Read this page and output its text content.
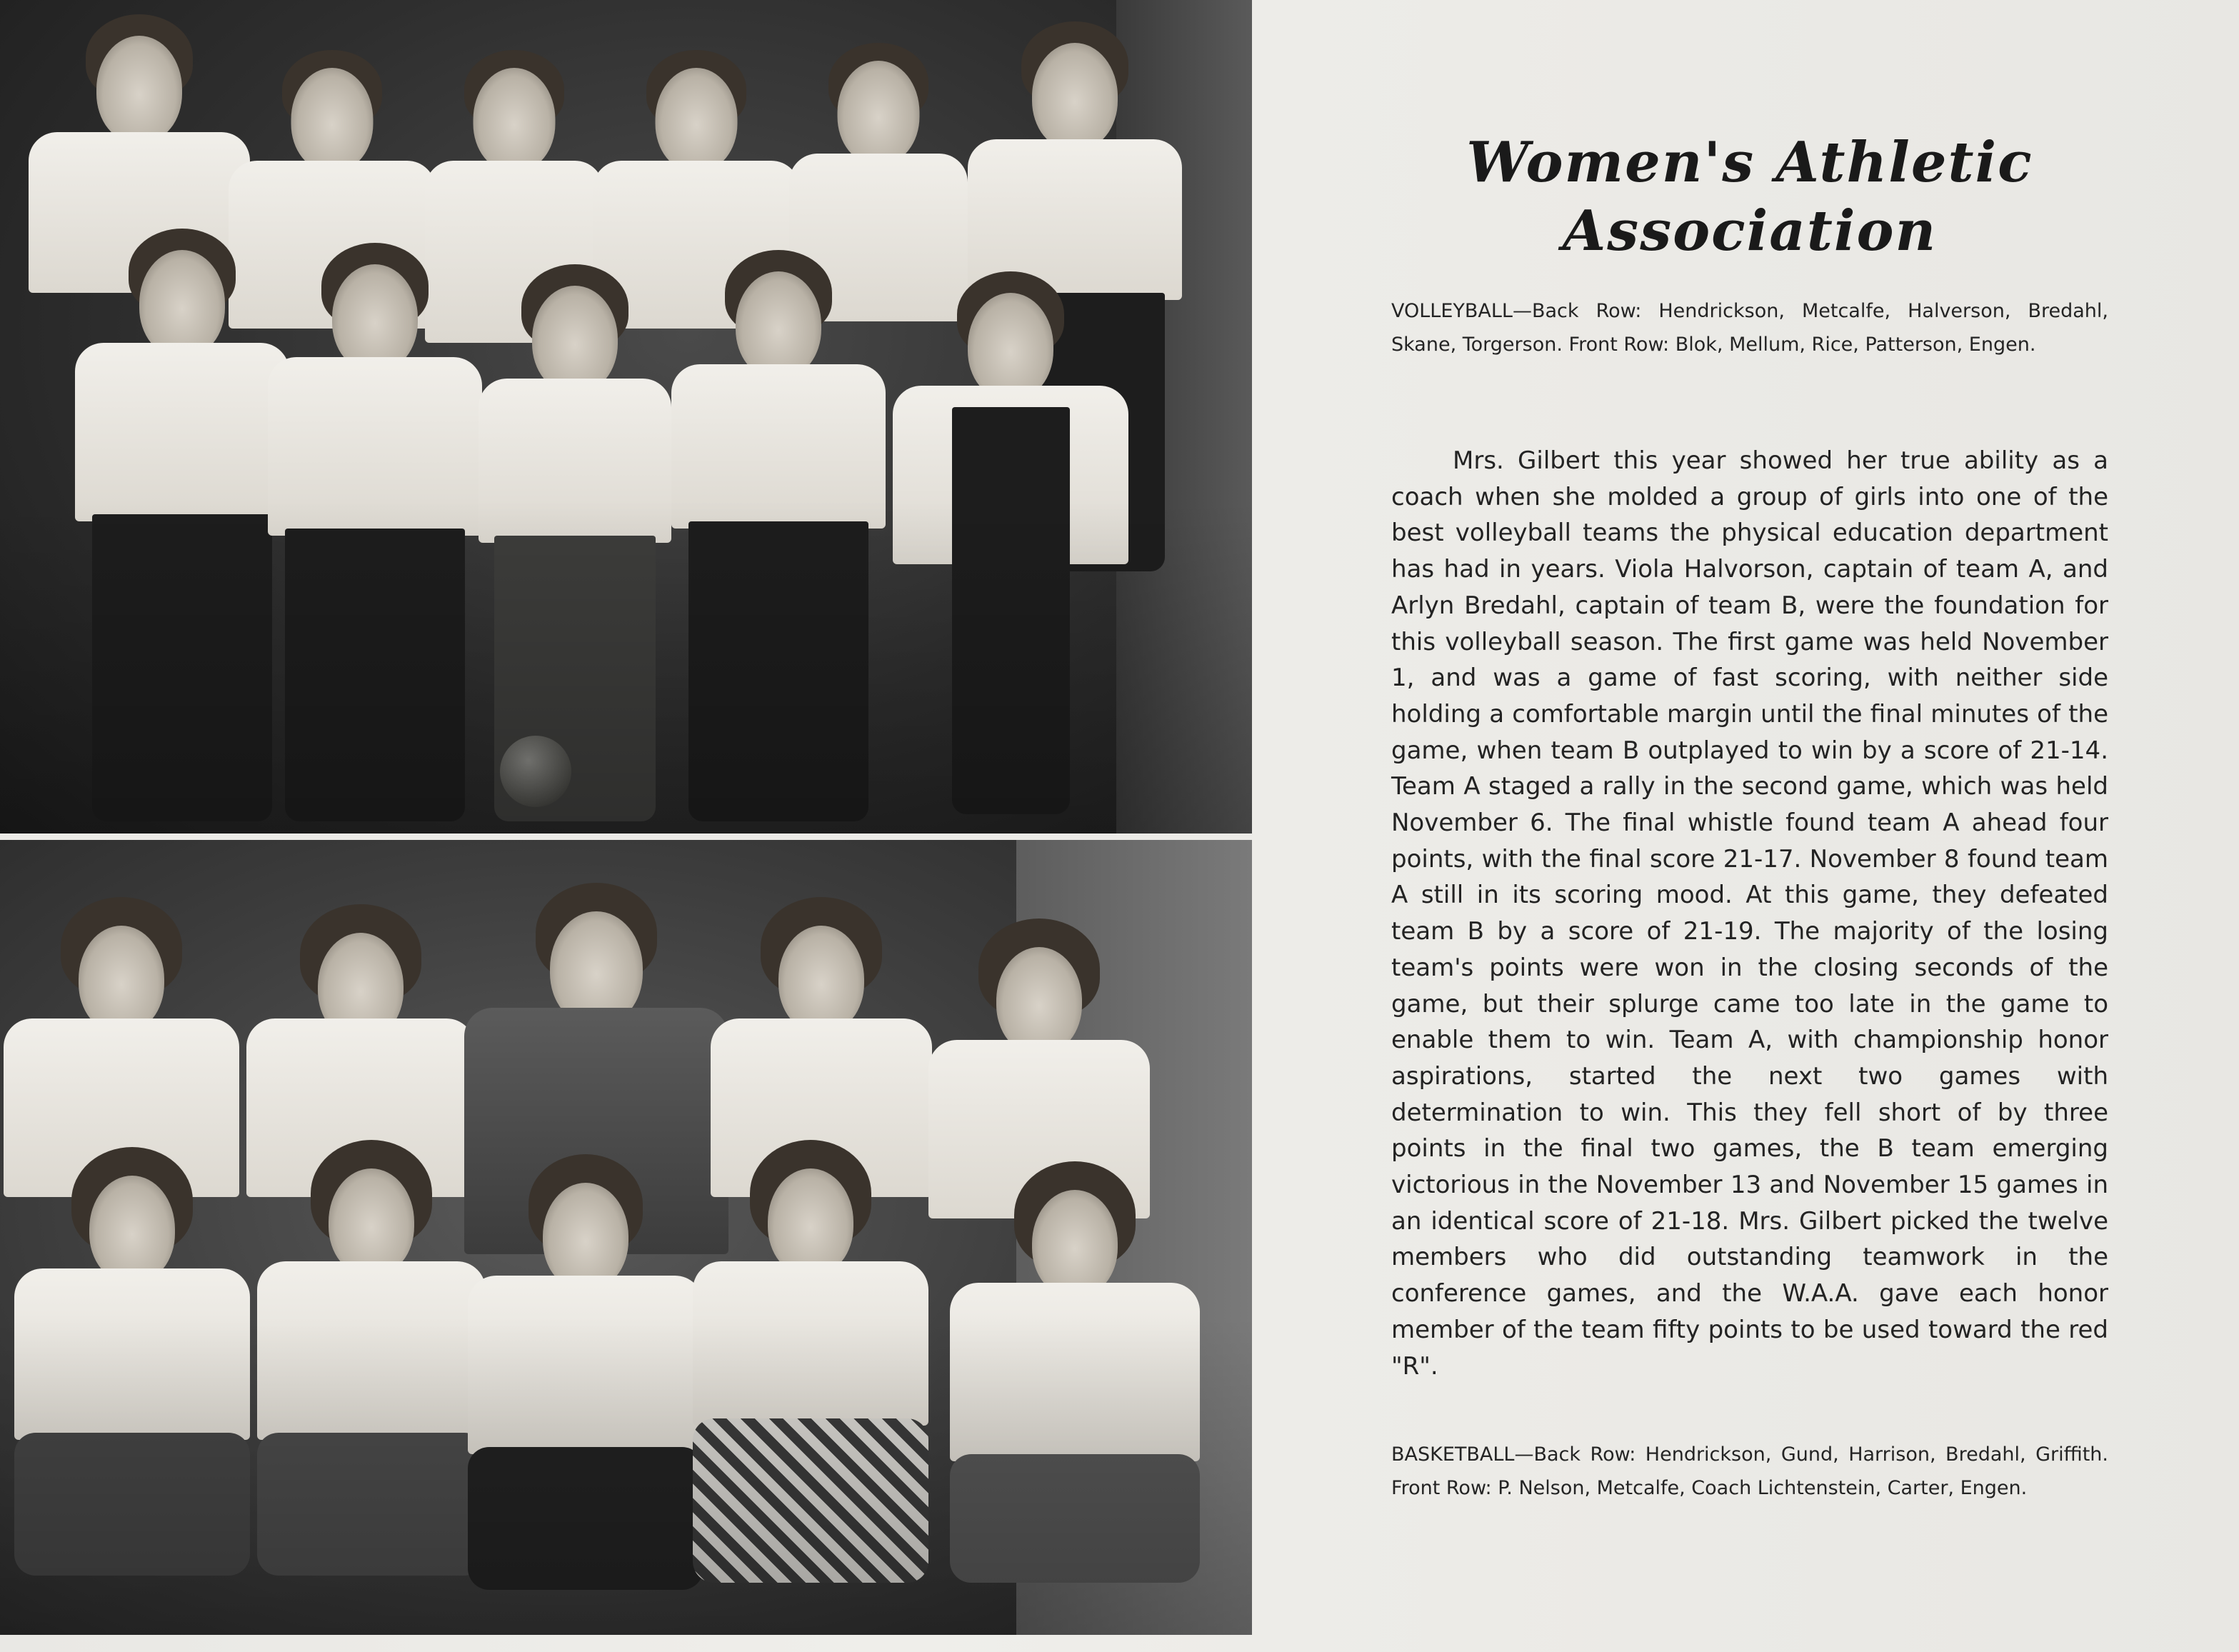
Women's Athletic
Association
VOLLEYBALL—Back Row: Hendrickson, Metcalfe, Halverson, Bredahl, Skane, Torgerson. Front Row: Blok, Mellum, Rice, Patterson, Engen.
Mrs. Gilbert this year showed her true ability as a coach when she molded a group of girls into one of the best volleyball teams the physical education department has had in years. Viola Halvorson, captain of team A, and Arlyn Bredahl, captain of team B, were the foundation for this volleyball season. The first game was held November 1, and was a game of fast scoring, with neither side holding a comfortable margin until the final minutes of the game, when team B outplayed to win by a score of 21-14. Team A staged a rally in the second game, which was held November 6. The final whistle found team A ahead four points, with the final score 21-17. November 8 found team A still in its scoring mood. At this game, they defeated team B by a score of 21-19. The majority of the losing team's points were won in the closing seconds of the game, but their splurge came too late in the game to enable them to win. Team A, with championship honor aspirations, started the next two games with determination to win. This they fell short of by three points in the final two games, the B team emerging victorious in the November 13 and November 15 games in an identical score of 21-18. Mrs. Gilbert picked the twelve members who did outstanding teamwork in the conference games, and the W.A.A. gave each honor member of the team fifty points to be used toward the red "R".
BASKETBALL—Back Row: Hendrickson, Gund, Harrison, Bredahl, Griffith. Front Row: P. Nelson, Metcalfe, Coach Lichtenstein, Carter, Engen.
